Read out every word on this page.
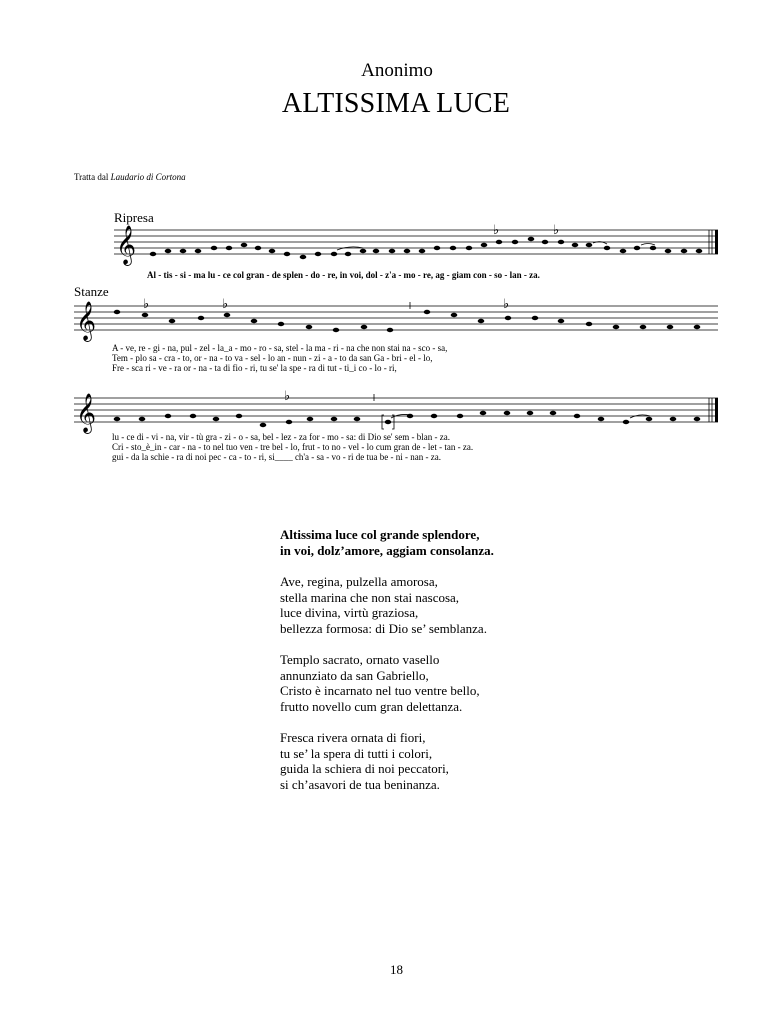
Anonimo
ALTISSIMA LUCE
Tratta dal Laudario di Cortona
Ripresa
𝄞	♭	♭
Al - tis - si - ma lu - ce col gran - de splen - do - re, in voi, dol - z'a - mo - re, ag - giam con - so - lan - za.
Stanze
𝄞	♭	♭	♭
A - ve, re - gi - na, pul - zel - la_a - mo - ro - sa, stel - la ma - ri - na che non stai na - sco - sa,
Tem - plo sa - cra - to, or - na - to va - sel - lo an - nun - zi - a - to da san Ga - bri - el - lo,
Fre - sca ri - ve - ra or - na - ta di fio - ri, tu se' la spe - ra di tut - ti_i co - lo - ri,
𝄞	♭
lu - ce di - vi - na, vir - tù gra - zi - o - sa, bel - lez - za for - mo - sa: di Dio se' sem - blan - za.
Cri - sto_è_in - car - na - to nel tuo ven - tre bel - lo, frut - to no - vel - lo cum gran de - let - tan - za.
gui - da la schie - ra di noi pec - ca - to - ri, si____ ch'a - sa - vo - ri de tua be - ni - nan - za.
Altissima luce col grande splendore,
in voi, dolz’amore, aggiam consolanza.
Ave, regina, pulzella amorosa,
stella marina che non stai nascosa,
luce divina, virtù graziosa,
bellezza formosa: di Dio se’ semblanza.
Templo sacrato, ornato vasello
annunziato da san Gabriello,
Cristo è incarnato nel tuo ventre bello,
frutto novello cum gran delettanza.
Fresca rivera ornata di fiori,
tu se’ la spera di tutti i colori,
guida la schiera di noi peccatori,
si ch’asavori de tua beninanza.
18
